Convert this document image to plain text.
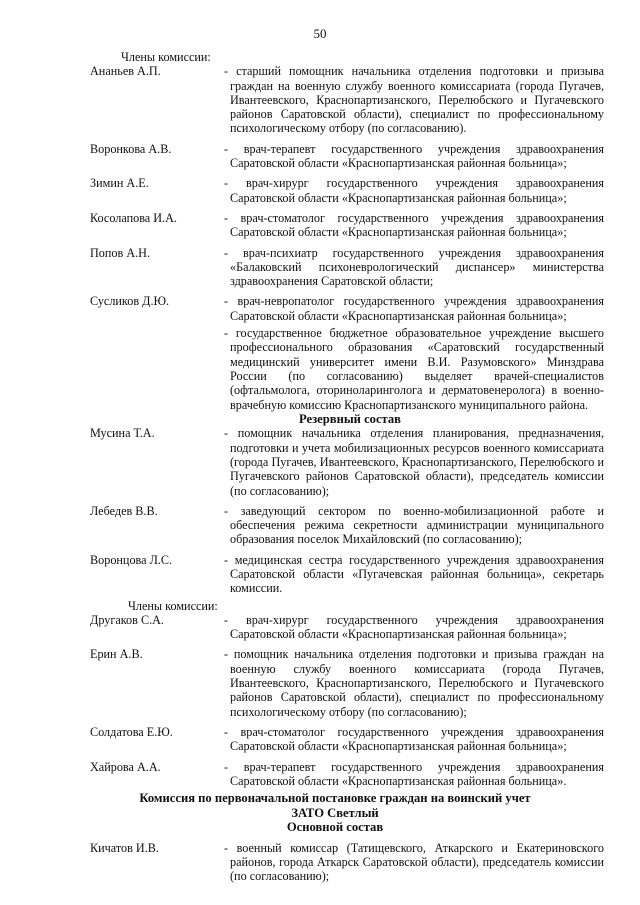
50
Члены комиссии:
Ананьев А.П.	- старший помощник начальника отделения подготовки и призыва граждан на военную службу военного комиссариата (города Пугачев, Ивантеевского, Краснопартизанского, Перелюбского и Пугачевского районов Саратовской области), специалист по профессиональному психологическому отбору (по согласованию).
Воронкова А.В.	- врач-терапевт государственного учреждения здравоохранения Саратовской области «Краснопартизанская районная больница»;
Зимин А.Е.	- врач-хирург государственного учреждения здравоохранения Саратовской области «Краснопартизанская районная больница»;
Косолапова И.А.	- врач-стоматолог государственного учреждения здравоохранения Саратовской области «Краснопартизанская районная больница»;
Попов А.Н.	- врач-психиатр государственного учреждения здравоохранения «Балаковский психоневрологический диспансер» министерства здравоохранения Саратовской области;
Сусликов Д.Ю.	- врач-невропатолог государственного учреждения здравоохранения Саратовской области «Краснопартизанская районная больница»;
- государственное бюджетное образовательное учреждение высшего профессионального образования «Саратовский государственный медицинский университет имени В.И. Разумовского» Минздрава России (по согласованию) выделяет врачей-специалистов (офтальмолога, оториноларинголога и дерматовенеролога) в военно-врачебную комиссию Краснопартизанского муниципального района.
Резервный состав
Мусина Т.А.	- помощник начальника отделения планирования, предназначения, подготовки и учета мобилизационных ресурсов военного комиссариата (города Пугачев, Ивантеевского, Краснопартизанского, Перелюбского и Пугачевского районов Саратовской области), председатель комиссии (по согласованию);
Лебедев В.В.	- заведующий сектором по военно-мобилизационной работе и обеспечения режима секретности администрации муниципального образования поселок Михайловский (по согласованию);
Воронцова Л.С.	- медицинская сестра государственного учреждения здравоохранения Саратовской области «Пугачевская районная больница», секретарь комиссии.
Члены комиссии:
Другаков С.А.	- врач-хирург государственного учреждения здравоохранения Саратовской области «Краснопартизанская районная больница»;
Ерин А.В.	- помощник начальника отделения подготовки и призыва граждан на военную службу военного комиссариата (города Пугачев, Ивантеевского, Краснопартизанского, Перелюбского и Пугачевского районов Саратовской области), специалист по профессиональному психологическому отбору (по согласованию);
Солдатова Е.Ю.	- врач-стоматолог государственного учреждения здравоохранения Саратовской области «Краснопартизанская районная больница»;
Хайрова А.А.	- врач-терапевт государственного учреждения здравоохранения Саратовской области «Краснопартизанская районная больница».
Комиссия по первоначальной постановке граждан на воинский учет
ЗАТО Светлый
Основной состав
Кичатов И.В.	- военный комиссар (Татищевского, Аткарского и Екатериновского районов, города Аткарск Саратовской области), председатель комиссии (по согласованию);
